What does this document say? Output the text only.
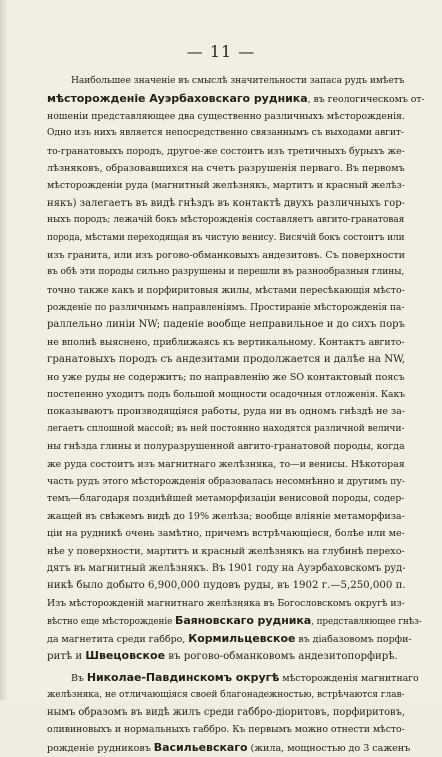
— 11 —
Наибольшее значеніе въ смыслѣ значительности запаса рудъ имѣетъ
мѣсторожденіе Ауэрбаховскаго рудника, въ геологическомъ от-
ношеніи представляющее два существенно различныхъ мѣсторожденія.
Одно изъ нихъ является непосредственно связаннымъ съ выходами авгит-
то-гранатовыхъ породъ, другое-же состоитъ изъ третичныхъ бурыхъ же-
лѣзняковъ, образовавшихся на счетъ разрушенія перваго. Въ первомъ
мѣсторожденіи руда (магнитный желѣзнякъ, мартитъ и красный желѣз-
някъ) залегаетъ въ видѣ гнѣздъ въ контактѣ двухъ различныхъ гор-
ныхъ породъ; лежачій бокъ мѣсторожденія составляетъ авгито-гранатовая
порода, мѣстами переходящая въ чистую венису. Висячій бокъ состоитъ или
изъ гранита, или изъ рогово-обманковыхъ андезитовъ. Съ поверхности
въ обѣ эти породы сильно разрушены и перешли въ разнообразныя глины,
точно также какъ и порфиритовыя жилы, мѣстами пересѣкающія мѣсто-
рожденіе по различнымъ направленіямъ. Простираніе мѣсторожденія па-
раллельно линіи NW; паденіе вообще неправильное и до сихъ поръ
не вполнѣ выяснено, приближаясь къ вертикальному. Контактъ авгито-
гранатовыхъ породъ съ андезитами продолжается и далѣе на NW,
но уже руды не содержитъ; по направленію же SO контактовый поясъ
постепенно уходитъ подъ большой мощности осадочныя отложенія. Какъ
показываютъ производящіяся работы, руда ни въ одномъ гнѣздѣ не за-
легаетъ сплошной массой; въ ней постоянно находятся различной величи-
ны гнѣзда глины и полуразрушенной авгито-гранатовой породы, когда
же руда состоитъ изъ магнитнаго желѣзняка, то—и венисы. Нѣкоторая
часть рудъ этого мѣсторожденія образовалась несомнѣнно и другимъ пу-
темъ—благодаря позднѣйшей метаморфизаціи венисовой породы, содер-
жащей въ свѣжемъ видѣ до 19% желѣза; вообще вліяніе метаморфиза-
ціи на рудникѣ очень замѣтно, причемъ встрѣчающіеся, болѣе или ме-
нѣе у поверхности, мартитъ и красный желѣзнякъ на глубинѣ перехо-
дятъ въ магнитный желѣзнякъ. Въ 1901 году на Ауэрбаховскомъ руд-
никѣ было добыто 6,900,000 пудовъ руды, въ 1902 г.—5,250,000 п.
Изъ мѣсторожденій магнитнаго желѣзняка въ Богословскомъ округѣ из-
вѣстно еще мѣсторожденіе Баяновскаго рудника, представляющее гнѣз-
да магнетита среди габбро, Кормильцевское въ діабазовомъ порфи-
ритѣ и Швецовское въ рогово-обманковомъ андезитопорфирѣ.
Въ Николае-Павдинскомъ округѣ мѣсторожденія магнитнаго
желѣзняка, не отличающіяся своей благонадежностью, встрѣчаются глав-
нымъ образомъ въ видѣ жилъ среди габбро-діоритовъ, порфиритовъ,
оливиновыхъ и нормальныхъ габбро. Къ первымъ можно отнести мѣсто-
рожденіе рудниковъ Васильевскаго (жила, мощностью до 3 саженъ
